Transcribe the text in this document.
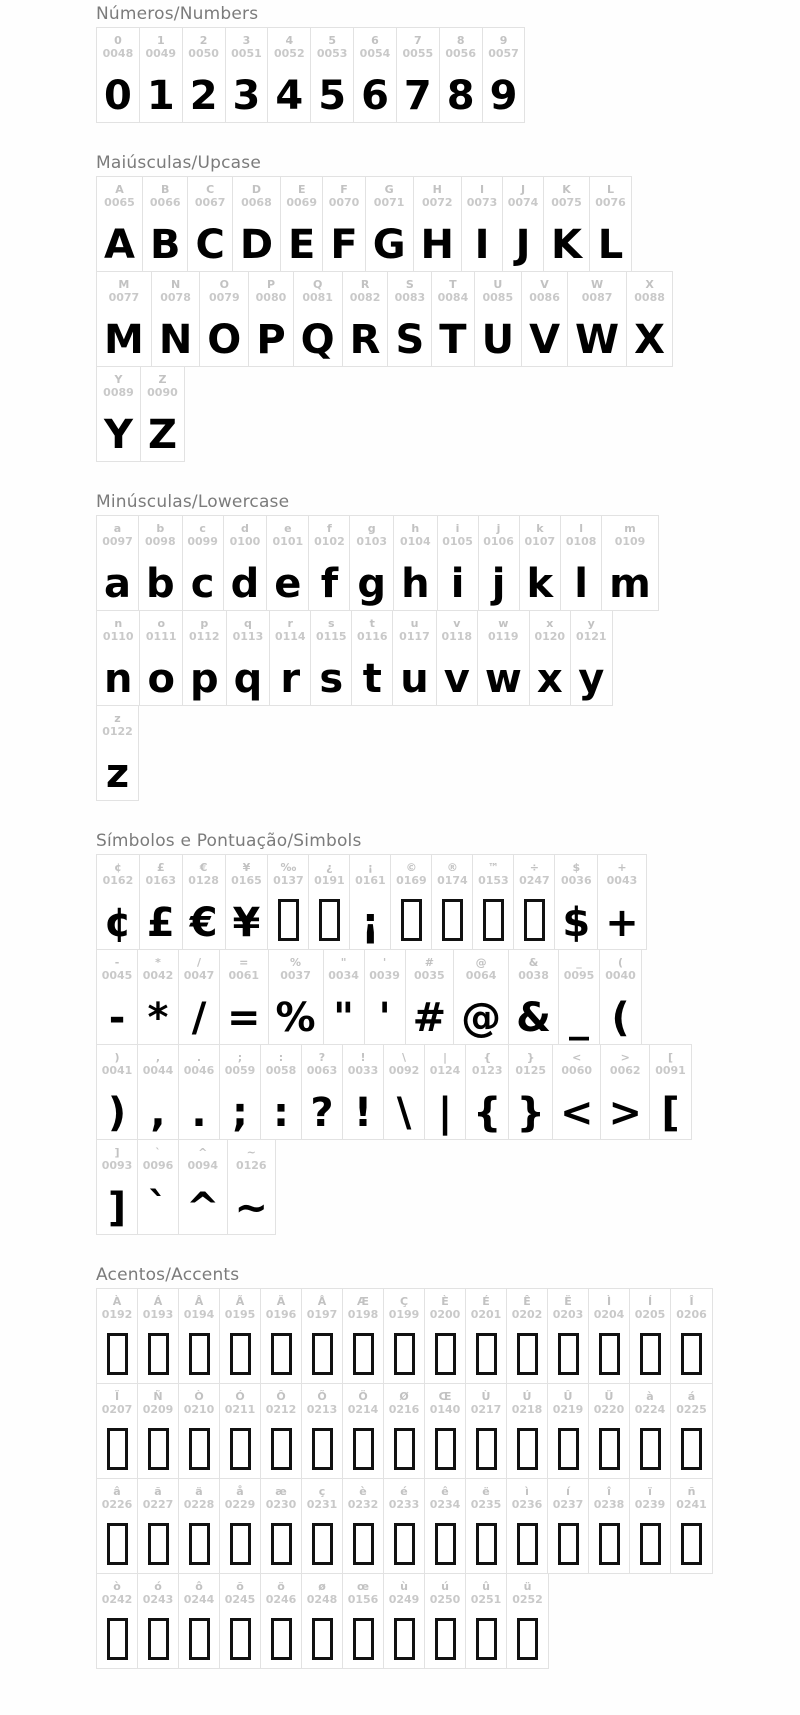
Números/Numbers
0
0048
0
1
0049
1
2
0050
2
3
0051
3
4
0052
4
5
0053
5
6
0054
6
7
0055
7
8
0056
8
9
0057
9
Maiúsculas/Upcase
A
0065
A
B
0066
B
C
0067
C
D
0068
D
E
0069
E
F
0070
F
G
0071
G
H
0072
H
I
0073
I
J
0074
J
K
0075
K
L
0076
L
M
0077
M
N
0078
N
O
0079
O
P
0080
P
Q
0081
Q
R
0082
R
S
0083
S
T
0084
T
U
0085
U
V
0086
V
W
0087
W
X
0088
X
Y
0089
Y
Z
0090
Z
Minúsculas/Lowercase
a
0097
a
b
0098
b
c
0099
c
d
0100
d
e
0101
e
f
0102
f
g
0103
g
h
0104
h
i
0105
i
j
0106
j
k
0107
k
l
0108
l
m
0109
m
n
0110
n
o
0111
o
p
0112
p
q
0113
q
r
0114
r
s
0115
s
t
0116
t
u
0117
u
v
0118
v
w
0119
w
x
0120
x
y
0121
y
z
0122
z
Símbolos e Pontuação/Simbols
¢
0162
¢
£
0163
£
€
0128
€
¥
0165
¥
‰
0137
¿
0191
¡
0161
¡
©
0169
®
0174
™
0153
÷
0247
$
0036
$
+
0043
+
-
0045
-
*
0042
*
/
0047
/
=
0061
=
%
0037
%
"
0034
"
'
0039
'
#
0035
#
@
0064
@
&
0038
&
_
0095
_
(
0040
(
)
0041
)
,
0044
,
.
0046
.
;
0059
;
:
0058
:
?
0063
?
!
0033
!
\
0092
\
|
0124
|
{
0123
{
}
0125
}
<
0060
<
>
0062
>
[
0091
[
]
0093
]
`
0096
`
^
0094
^
~
0126
~
Acentos/Accents
À
0192
Á
0193
Â
0194
Ã
0195
Ä
0196
Å
0197
Æ
0198
Ç
0199
È
0200
É
0201
Ê
0202
Ë
0203
Ì
0204
Í
0205
Î
0206
Ï
0207
Ñ
0209
Ò
0210
Ó
0211
Ô
0212
Õ
0213
Ö
0214
Ø
0216
Œ
0140
Ù
0217
Ú
0218
Û
0219
Ü
0220
à
0224
á
0225
â
0226
ã
0227
ä
0228
å
0229
æ
0230
ç
0231
è
0232
é
0233
ê
0234
ë
0235
ì
0236
í
0237
î
0238
ï
0239
ñ
0241
ò
0242
ó
0243
ô
0244
õ
0245
ö
0246
ø
0248
œ
0156
ù
0249
ú
0250
û
0251
ü
0252
